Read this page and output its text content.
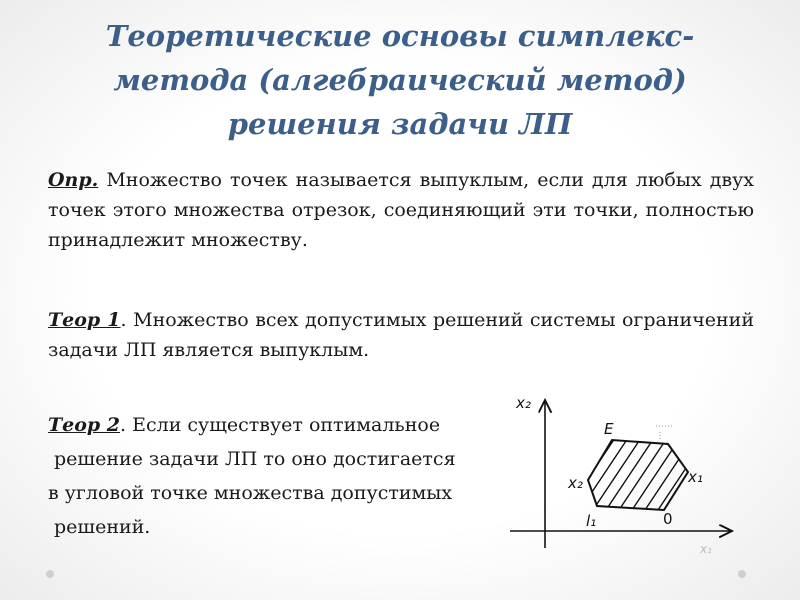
Теоретические основы симплекс-
метода (алгебраический метод)
решения задачи ЛП
Опр. Множество точек называется выпуклым, если для любых двух точек этого множества отрезок, соединяющий эти точки, полностью принадлежит множеству.
Теор 1. Множество всех допустимых решений системы ограничений задачи ЛП является выпуклым.
Теор 2. Если существует оптимальное
решение задачи ЛП то оно достигается
в угловой точке множества допустимых
решений.
x₂
x₁
E
x₁
x₂
l₁	0
